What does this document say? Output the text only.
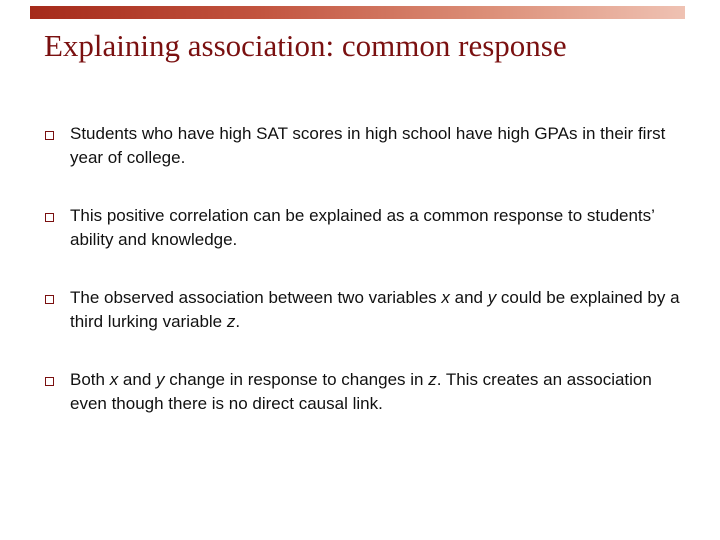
Explaining association: common response
Students who have high SAT scores in high school have high GPAs in their first year of college.
This positive correlation can be explained as a common response to students’ ability and knowledge.
The observed association between two variables x and y could be explained by a third lurking variable z.
Both x and y change in response to changes in z. This creates an association even though there is no direct causal link.
